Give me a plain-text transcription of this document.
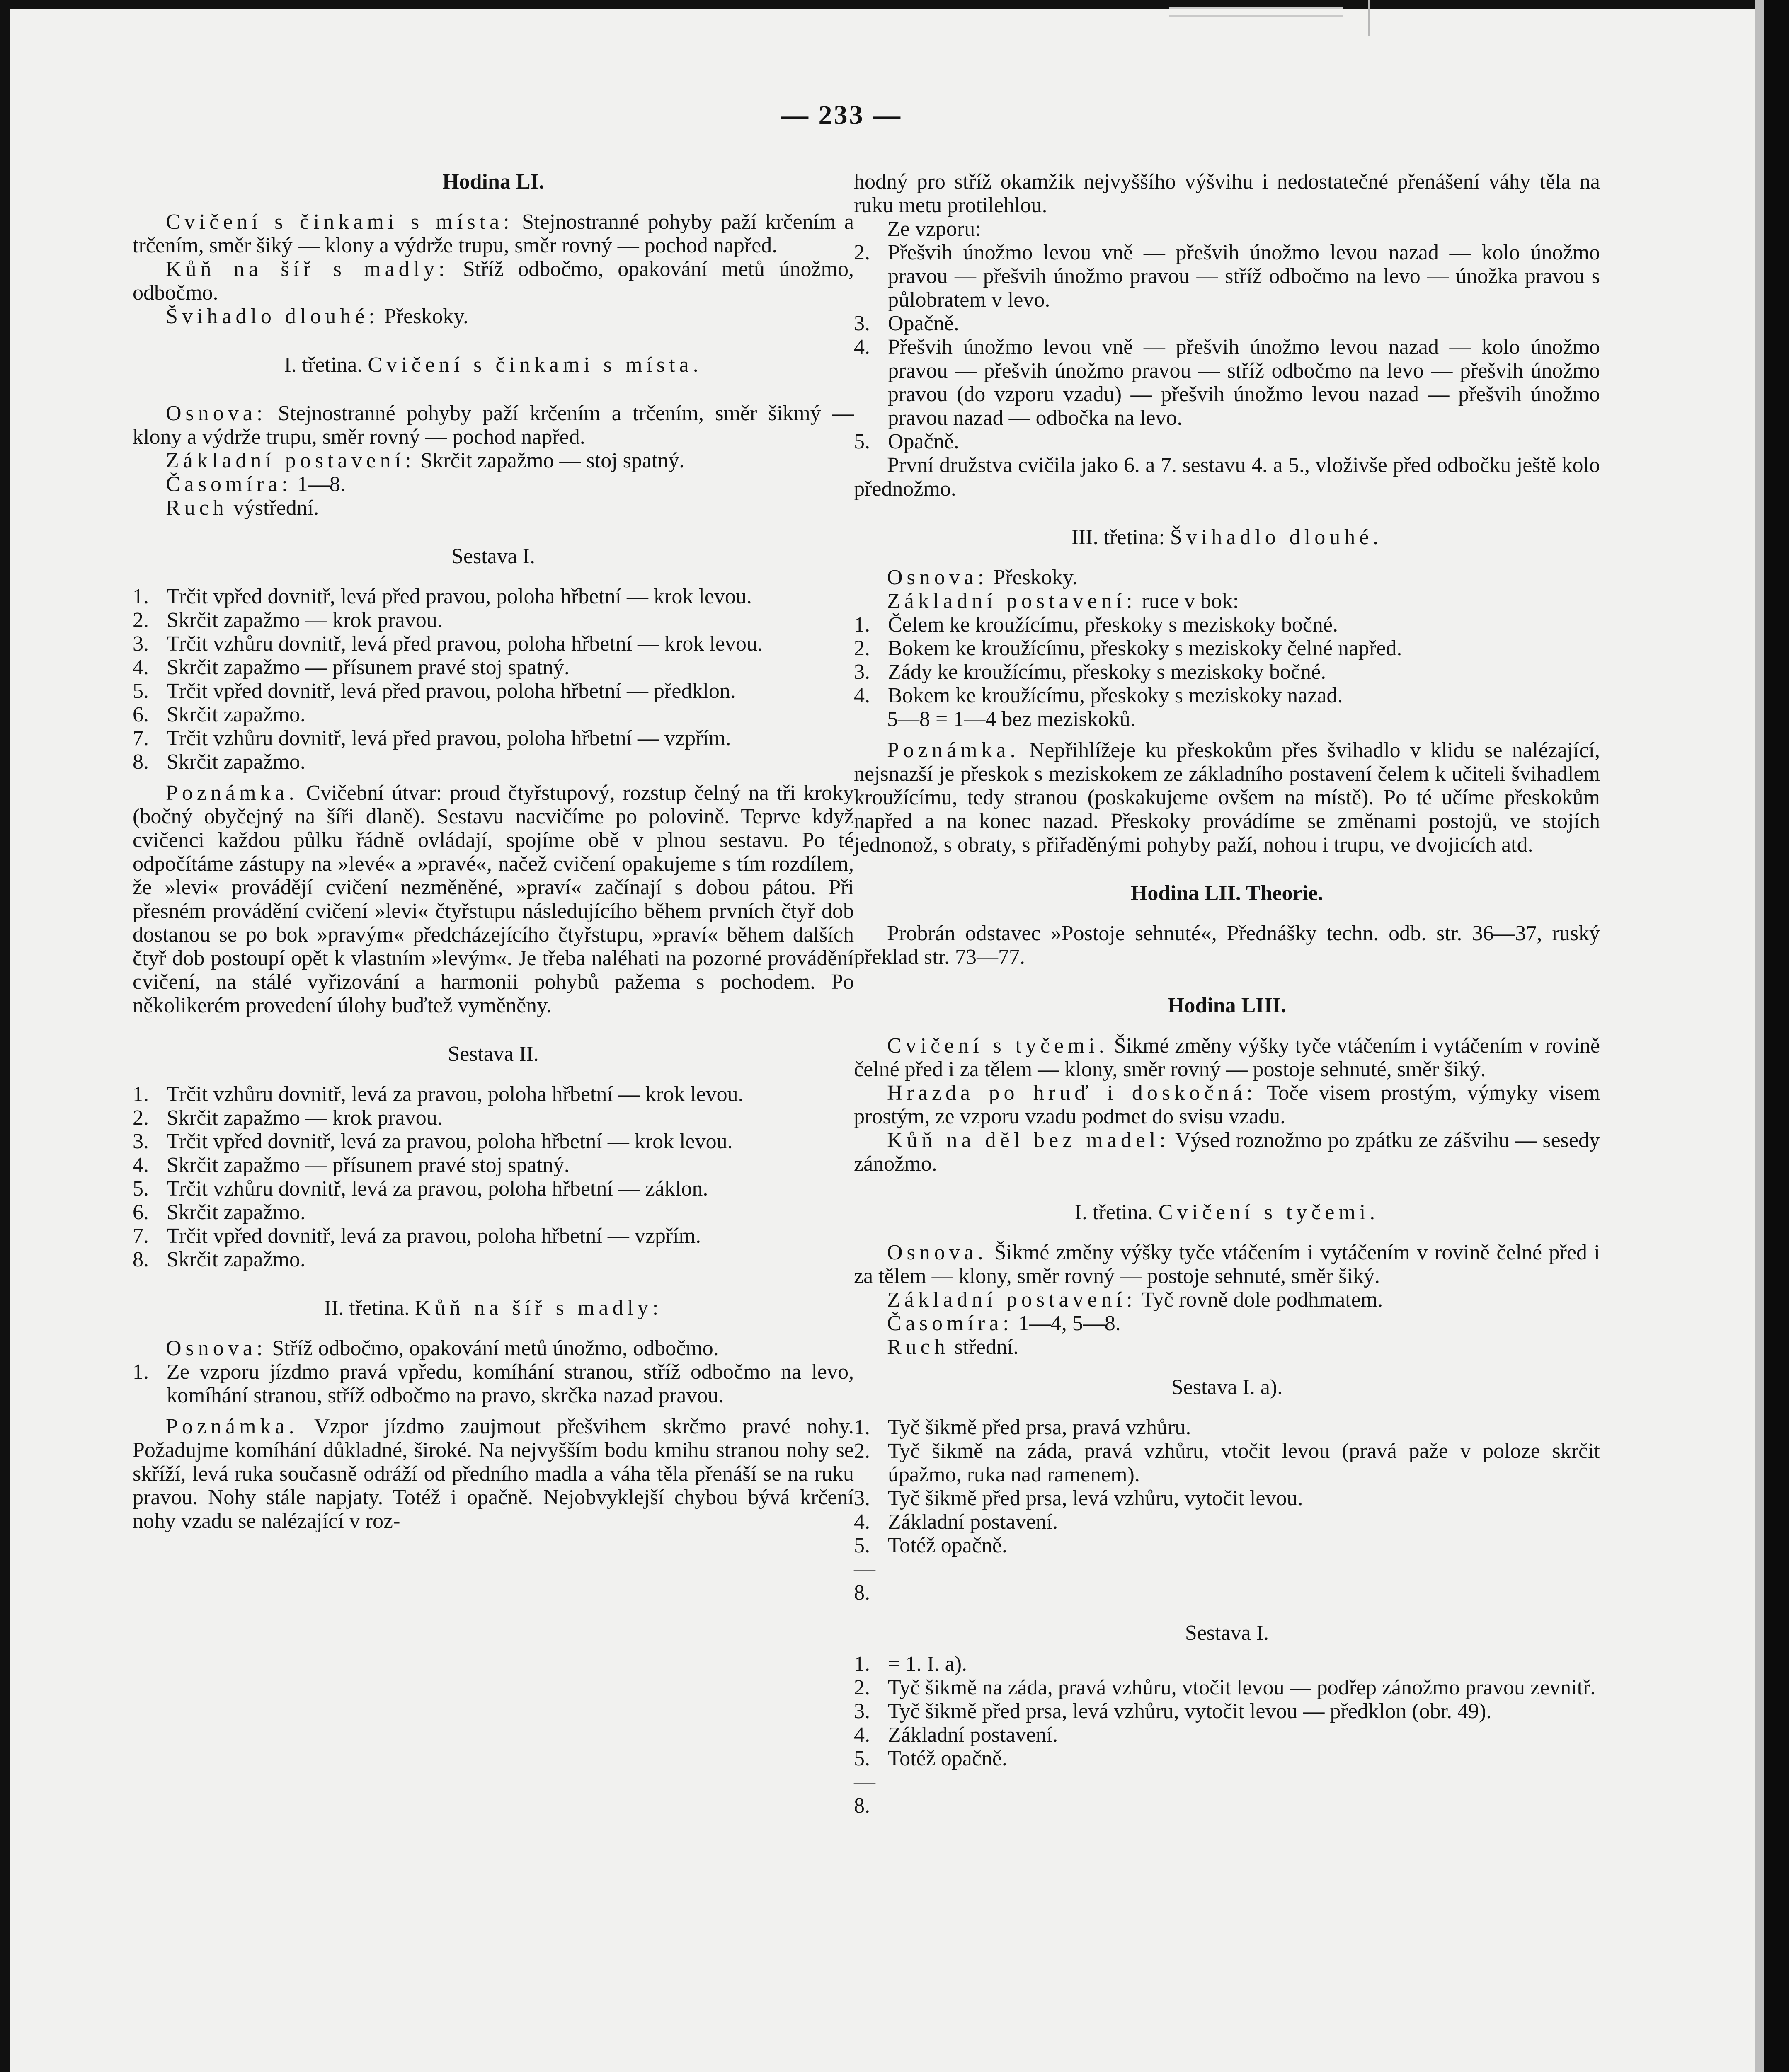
— 233 —
Hodina LI.

Cvičení s činkami s místa: Stejnostranné pohyby paží krčením a trčením, směr šiký — klony a výdrže trupu, směr rovný — pochod napřed.

Kůň na šíř s madly: Stříž odbočmo, opakování metů únožmo, odbočmo.

Švihadlo dlouhé: Přeskoky.

I. třetina. Cvičení s činkami s místa.

Osnova: Stejnostranné pohyby paží krčením a trčením, směr šikmý — klony a výdrže trupu, směr rovný — pochod napřed.

Základní postavení: Skrčit zapažmo — stoj spatný.

Časomíra: 1—8.

Ruch výstřední.

Sestava I.
1. Trčit vpřed dovnitř, levá před pravou, poloha hřbetní — krok levou.
2. Skrčit zapažmo — krok pravou.
3. Trčit vzhůru dovnitř, levá před pravou, poloha hřbetní — krok levou.
4. Skrčit zapažmo — přísunem pravé stoj spatný.
5. Trčit vpřed dovnitř, levá před pravou, poloha hřbetní — předklon.
6. Skrčit zapažmo.
7. Trčit vzhůru dovnitř, levá před pravou, poloha hřbetní — vzpřím.
8. Skrčit zapažmo.

Poznámka. Cvičební útvar: proud čtyřstupový, rozstup čelný na tři kroky (bočný obyčejný na šíři dlaně). Sestavu nacvičíme po polovině. Teprve když cvičenci každou půlku řádně ovládají, spojíme obě v plnou sestavu. Po té odpočítáme zástupy na »levé« a »pravé«, načež cvičení opakujeme s tím rozdílem, že »levi« provádějí cvičení nezměněné, »praví« začínají s dobou pátou. Při přesném provádění cvičení »levi« čtyřstupu následujícího během prvních čtyř dob dostanou se po bok »pravým« předcházejícího čtyřstupu, »praví« během dalších čtyř dob postoupí opět k vlastním »levým«. Je třeba naléhati na pozorné provádění cvičení, na stálé vyřizování a harmonii pohybů pažema s pochodem. Po několikerém provedení úlohy buďtež vyměněny.

Sestava II.
1. Trčit vzhůru dovnitř, levá za pravou, poloha hřbetní — krok levou.
2. Skrčit zapažmo — krok pravou.
3. Trčit vpřed dovnitř, levá za pravou, poloha hřbetní — krok levou.
4. Skrčit zapažmo — přísunem pravé stoj spatný.
5. Trčit vzhůru dovnitř, levá za pravou, poloha hřbetní — záklon.
6. Skrčit zapažmo.
7. Trčit vpřed dovnitř, levá za pravou, poloha hřbetní — vzpřím.
8. Skrčit zapažmo.
II. třetina. Kůň na šíř s madly:

Osnova: Stříž odbočmo, opakování metů únožmo, odbočmo.

1. Ze vzporu jízdmo pravá vpředu, komíhání stranou, stříž odbočmo na levo, komíhání stranou, stříž odbočmo na pravo, skrčka nazad pravou.

Poznámka. Vzpor jízdmo zaujmout přešvihem skrčmo pravé nohy. Požadujme komíhání důkladné, široké. Na nejvyšším bodu kmihu stranou nohy se skříží, levá ruka současně odráží od předního madla a váha těla přenáší se na ruku pravou. Nohy stále napjaty. Totéž i opačně. Nejobvyklejší chybou bývá krčení nohy vzadu se nalézající v roz-

hodný pro stříž okamžik nejvyššího výšvihu i nedostatečné přenášení váhy těla na ruku metu protilehlou.

Ze vzporu:

2. Přešvih únožmo levou vně — přešvih únožmo levou nazad — kolo únožmo pravou — přešvih únožmo pravou — stříž odbočmo na levo — únožka pravou s půlobratem v levo.
3. Opačně.
4. Přešvih únožmo levou vně — přešvih únožmo levou nazad — kolo únožmo pravou — přešvih únožmo pravou — stříž odbočmo na levo — přešvih únožmo pravou (do vzporu vzadu) — přešvih únožmo levou nazad — přešvih únožmo pravou nazad — odbočka na levo.
5. Opačně.

První družstva cvičila jako 6. a 7. sestavu 4. a 5., vloživše před odbočku ještě kolo přednožmo.

III. třetina: Švihadlo dlouhé.

Osnova: Přeskoky.

Základní postavení: ruce v bok:

1. Čelem ke kroužícímu, přeskoky s meziskoky bočné.
2. Bokem ke kroužícímu, přeskoky s meziskoky čelné napřed.
3. Zády ke kroužícímu, přeskoky s meziskoky bočné.
4. Bokem ke kroužícímu, přeskoky s meziskoky nazad.

5—8 = 1—4 bez meziskoků.

Poznámka. Nepřihlížeje ku přeskokům přes švihadlo v klidu se nalézající, nejsnazší je přeskok s meziskokem ze základního postavení čelem k učiteli švihadlem kroužícímu, tedy stranou (poskakujeme ovšem na místě). Po té učíme přeskokům napřed a na konec nazad. Přeskoky provádíme se změnami postojů, ve stojích jednonož, s obraty, s přiřaděnými pohyby paží, nohou i trupu, ve dvojicích atd.

Hodina LII. Theorie.

Probrán odstavec »Postoje sehnuté«, Přednášky techn. odb. str. 36—37, ruský překlad str. 73—77.

Hodina LIII.

Cvičení s tyčemi. Šikmé změny výšky tyče vtáčením i vytáčením v rovině čelné před i za tělem — klony, směr rovný — postoje sehnuté, směr šiký.

Hrazda po hruď i doskočná: Toče visem prostým, výmyky visem prostým, ze vzporu vzadu podmet do svisu vzadu.

Kůň na děl bez madel: Výsed roznožmo po zpátku ze zášvihu — sesedy zánožmo.

I. třetina. Cvičení s tyčemi.

Osnova. Šikmé změny výšky tyče vtáčením i vytáčením v rovině čelné před i za tělem — klony, směr rovný — postoje sehnuté, směr šiký.

Základní postavení: Tyč rovně dole podhmatem.

Časomíra: 1—4, 5—8.

Ruch střední.

Sestava I. a).
1. Tyč šikmě před prsa, pravá vzhůru.
2. Tyč šikmě na záda, pravá vzhůru, vtočit levou (pravá paže v poloze skrčit úpažmo, ruka nad ramenem).
3. Tyč šikmě před prsa, levá vzhůru, vytočit levou.
4. Základní postavení.
5.—8.
Totéž opačně.
Sestava I.
1. = 1. I. a).
2. Tyč šikmě na záda, pravá vzhůru, vtočit levou — podřep zánožmo pravou zevnitř.
3. Tyč šikmě před prsa, levá vzhůru, vytočit levou — předklon (obr. 49).
4. Základní postavení.
5.—8.
Totéž opačně.
